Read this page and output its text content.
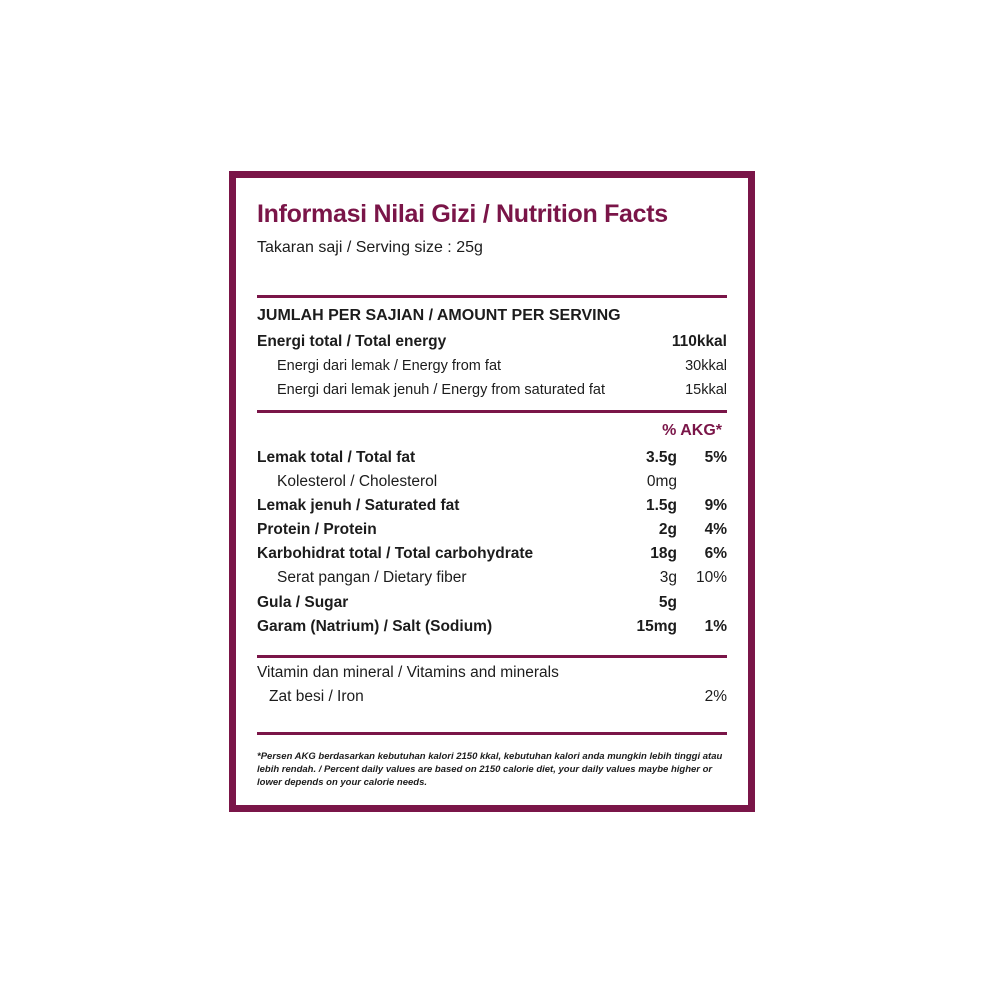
Informasi Nilai Gizi / Nutrition Facts
Takaran saji / Serving size : 25g
JUMLAH PER SAJIAN / AMOUNT PER SERVING
Energi total / Total energy	110kkal
Energi dari lemak / Energy from fat	30kkal
Energi dari lemak jenuh / Energy from saturated fat	15kkal
% AKG*
Lemak total / Total fat	3.5g 5%
Kolesterol / Cholesterol	0mg
Lemak jenuh / Saturated fat	1.5g 9%
Protein / Protein	2g 4%
Karbohidrat total / Total carbohydrate	18g 6%
Serat pangan / Dietary fiber	3g 10%
Gula / Sugar	5g
Garam (Natrium) / Salt (Sodium)	15mg 1%
Vitamin dan mineral / Vitamins and minerals
Zat besi / Iron	2%
*Persen AKG berdasarkan kebutuhan kalori 2150 kkal, kebutuhan kalori anda mungkin lebih tinggi atau lebih rendah. / Percent daily values are based on 2150 calorie diet, your daily values maybe higher or lower depends on your calorie needs.
